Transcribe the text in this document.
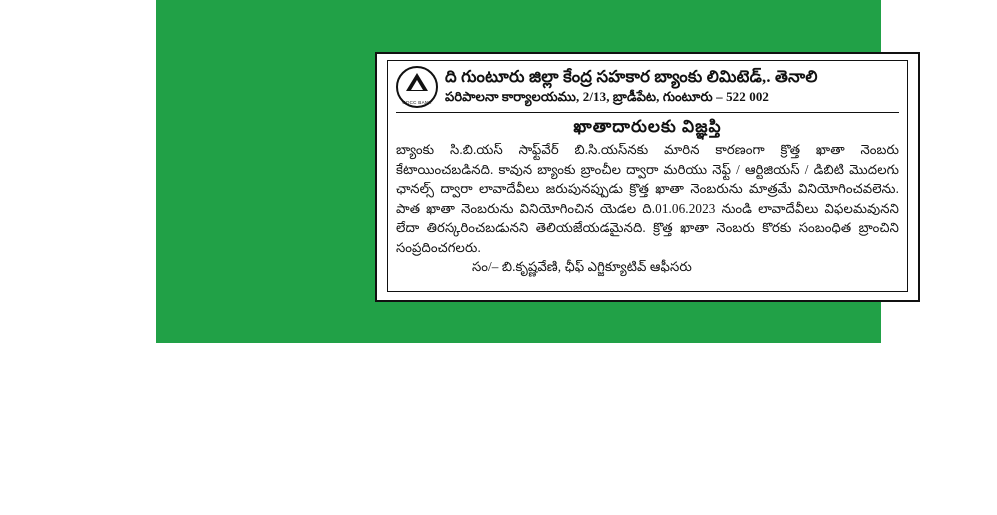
GDCC BANK
ది గుంటూరు జిల్లా కేంద్ర సహకార బ్యాంకు లిమిటెడ్,. తెనాలి
పరిపాలనా కార్యాలయము, 2/13, బ్రాడీపేట, గుంటూరు – 522 002
ఖాతాదారులకు విజ్ఞప్తి

బ్యాంకు సి.బి.యస్ సాఫ్ట్‌వేర్ బి.సి.యస్‌నకు మారిన కారణంగా క్రొత్త ఖాతా నెంబరు కేటాయించబడినది. కావున బ్యాంకు బ్రాంచీల ద్వారా మరియు నెఫ్ట్ / ఆర్టిజియస్ / డిబిటి మొదలగు ఛానల్స్ ద్వారా లావాదేవీలు జరుపునప్పుడు క్రొత్త ఖాతా నెంబరును మాత్రమే వినియోగించవలెను. పాత ఖాతా నెంబరును వినియోగించిన యెడల ది.01.06.2023 నుండి లావాదేవీలు విఫలమవునని లేదా తిరస్కరించబడునని తెలియజేయడమైనది. క్రొత్త ఖాతా నెంబరు కొరకు సంబంధిత బ్రాంచిని సంప్రదించగలరు.

సం/– బి.కృష్ణవేణి, ఛీఫ్ ఎగ్జిక్యూటివ్ ఆఫీసరు
